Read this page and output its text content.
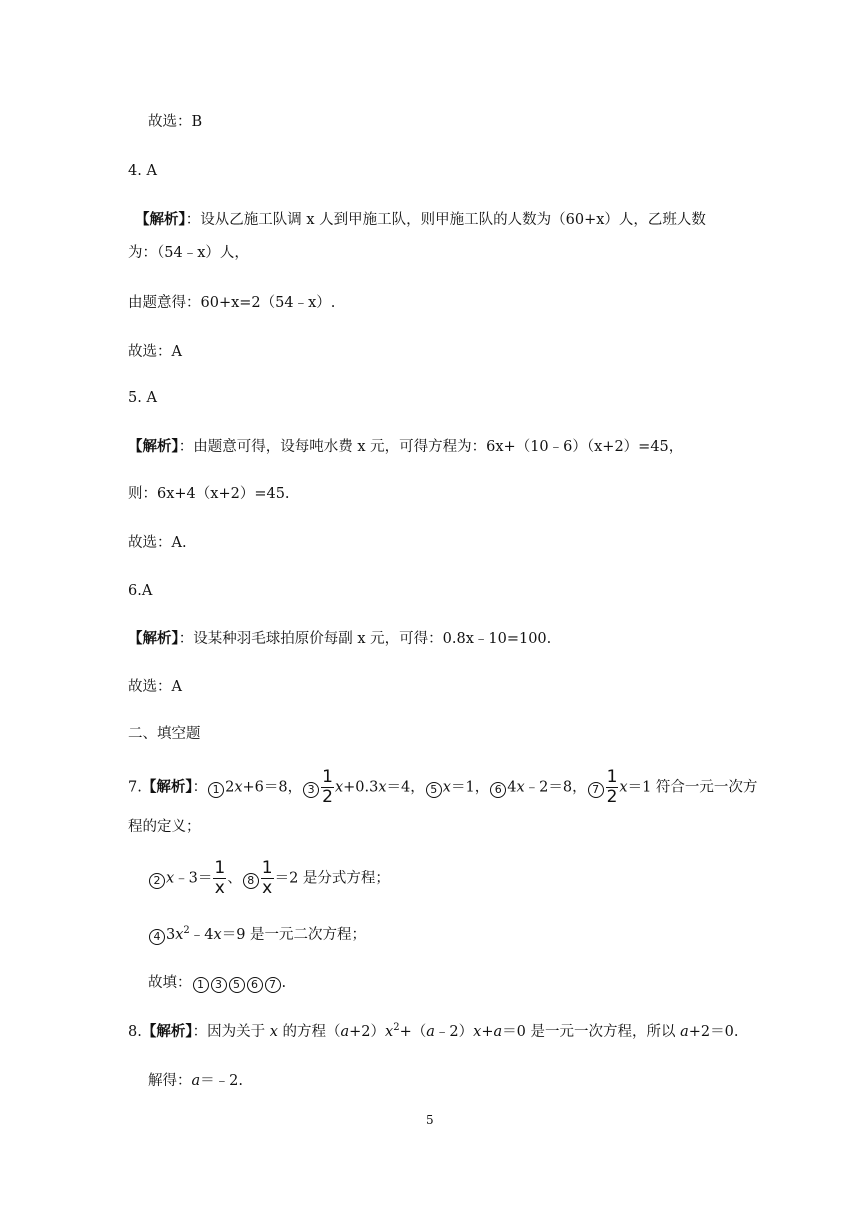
故选：B
4. A
【解析】：设从乙施工队调 x 人到甲施工队，则甲施工队的人数为（60+x）人，乙班人数
为：（54﹣x）人，
由题意得：60+x=2（54﹣x）.
故选：A
5. A
【解析】：由题意可得，设每吨水费 x 元，可得方程为：6x+（10﹣6）（x+2）=45，
则：6x+4（x+2）=45.
故选：A.
6.A
【解析】：设某种羽毛球拍原价每副 x 元，可得：0.8x﹣10=100.
故选：A
二、填空题
7.【解析】： 1 2x+6＝8， $3 \frac{1}{2} x+0.3x=4$， 5 x＝1， 6 4x﹣2＝8， $7 \frac{1}{2} x=1$ 符合一元一次方
程的定义；
2 x﹣3＝ $\frac{1}{x}$ 、 $8 \frac{1}{x} =2$ 是分式方程；
4 $3x^2﹣4x=9$ 是一元二次方程；
故填： 1 3 5 6 7 .
8.【解析】：因为关于 x 的方程$(a+2)x^2+(a﹣2)x+a=0$ 是一元一次方程，所以 a+2＝0.
解得：a＝﹣2.
5
